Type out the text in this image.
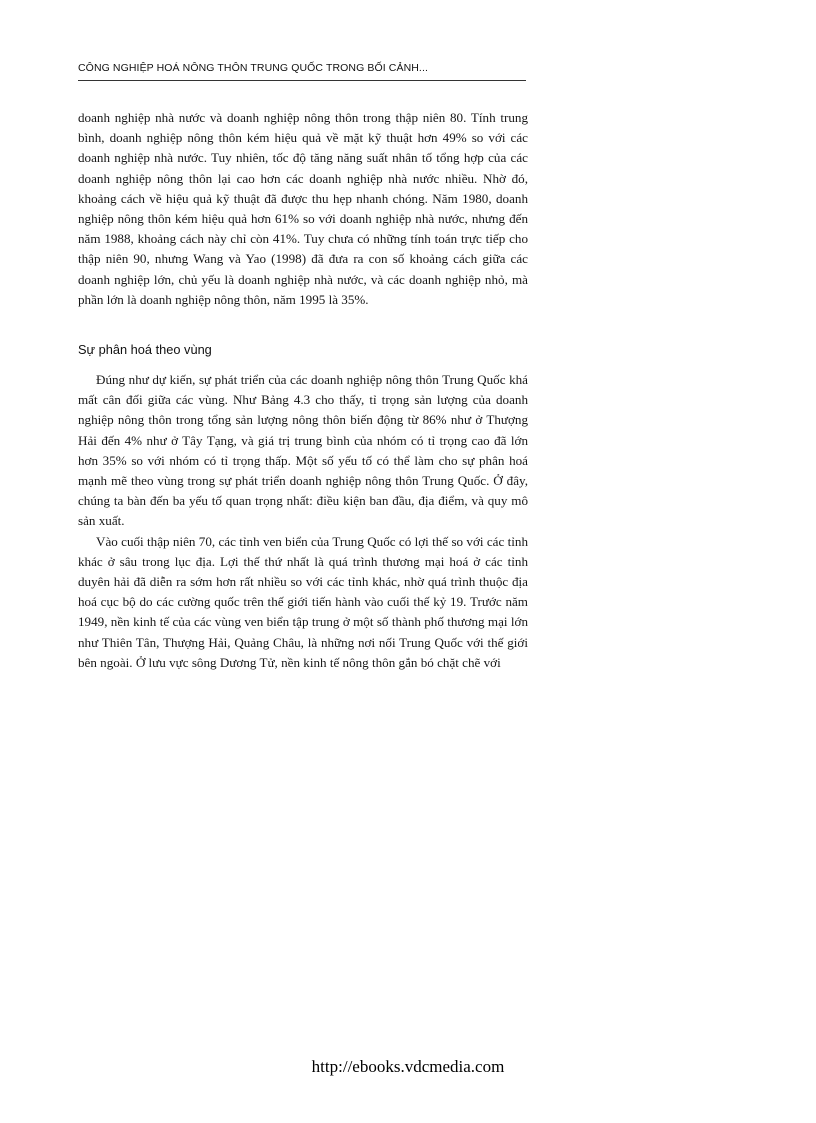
CÔNG NGHIỆP HOÁ NÔNG THÔN TRUNG QUỐC TRONG BỐI CẢNH...

doanh nghiệp nhà nước và doanh nghiệp nông thôn trong thập niên 80. Tính trung bình, doanh nghiệp nông thôn kém hiệu quả về mặt kỹ thuật hơn 49% so với các doanh nghiệp nhà nước. Tuy nhiên, tốc độ tăng năng suất nhân tố tổng hợp của các doanh nghiệp nông thôn lại cao hơn các doanh nghiệp nhà nước nhiều. Nhờ đó, khoảng cách về hiệu quả kỹ thuật đã được thu hẹp nhanh chóng. Năm 1980, doanh nghiệp nông thôn kém hiệu quả hơn 61% so với doanh nghiệp nhà nước, nhưng đến năm 1988, khoảng cách này chỉ còn 41%. Tuy chưa có những tính toán trực tiếp cho thập niên 90, nhưng Wang và Yao (1998) đã đưa ra con số khoảng cách giữa các doanh nghiệp lớn, chủ yếu là doanh nghiệp nhà nước, và các doanh nghiệp nhỏ, mà phần lớn là doanh nghiệp nông thôn, năm 1995 là 35%.

Sự phân hoá theo vùng

Đúng như dự kiến, sự phát triển của các doanh nghiệp nông thôn Trung Quốc khá mất cân đối giữa các vùng. Như Bảng 4.3 cho thấy, tỉ trọng sản lượng của doanh nghiệp nông thôn trong tổng sản lượng nông thôn biến động từ 86% như ở Thượng Hải đến 4% như ở Tây Tạng, và giá trị trung bình của nhóm có tỉ trọng cao đã lớn hơn 35% so với nhóm có tỉ trọng thấp. Một số yếu tố có thể làm cho sự phân hoá mạnh mẽ theo vùng trong sự phát triển doanh nghiệp nông thôn Trung Quốc. Ở đây, chúng ta bàn đến ba yếu tố quan trọng nhất: điều kiện ban đầu, địa điểm, và quy mô sản xuất.

Vào cuối thập niên 70, các tỉnh ven biển của Trung Quốc có lợi thế so với các tỉnh khác ở sâu trong lục địa. Lợi thế thứ nhất là quá trình thương mại hoá ở các tỉnh duyên hải đã diễn ra sớm hơn rất nhiều so với các tỉnh khác, nhờ quá trình thuộc địa hoá cục bộ do các cường quốc trên thế giới tiến hành vào cuối thế kỷ 19. Trước năm 1949, nền kinh tế của các vùng ven biển tập trung ở một số thành phố thương mại lớn như Thiên Tân, Thượng Hải, Quảng Châu, là những nơi nối Trung Quốc với thế giới bên ngoài. Ở lưu vực sông Dương Tử, nền kinh tế nông thôn gắn bó chặt chẽ với

http://ebooks.vdcmedia.com
